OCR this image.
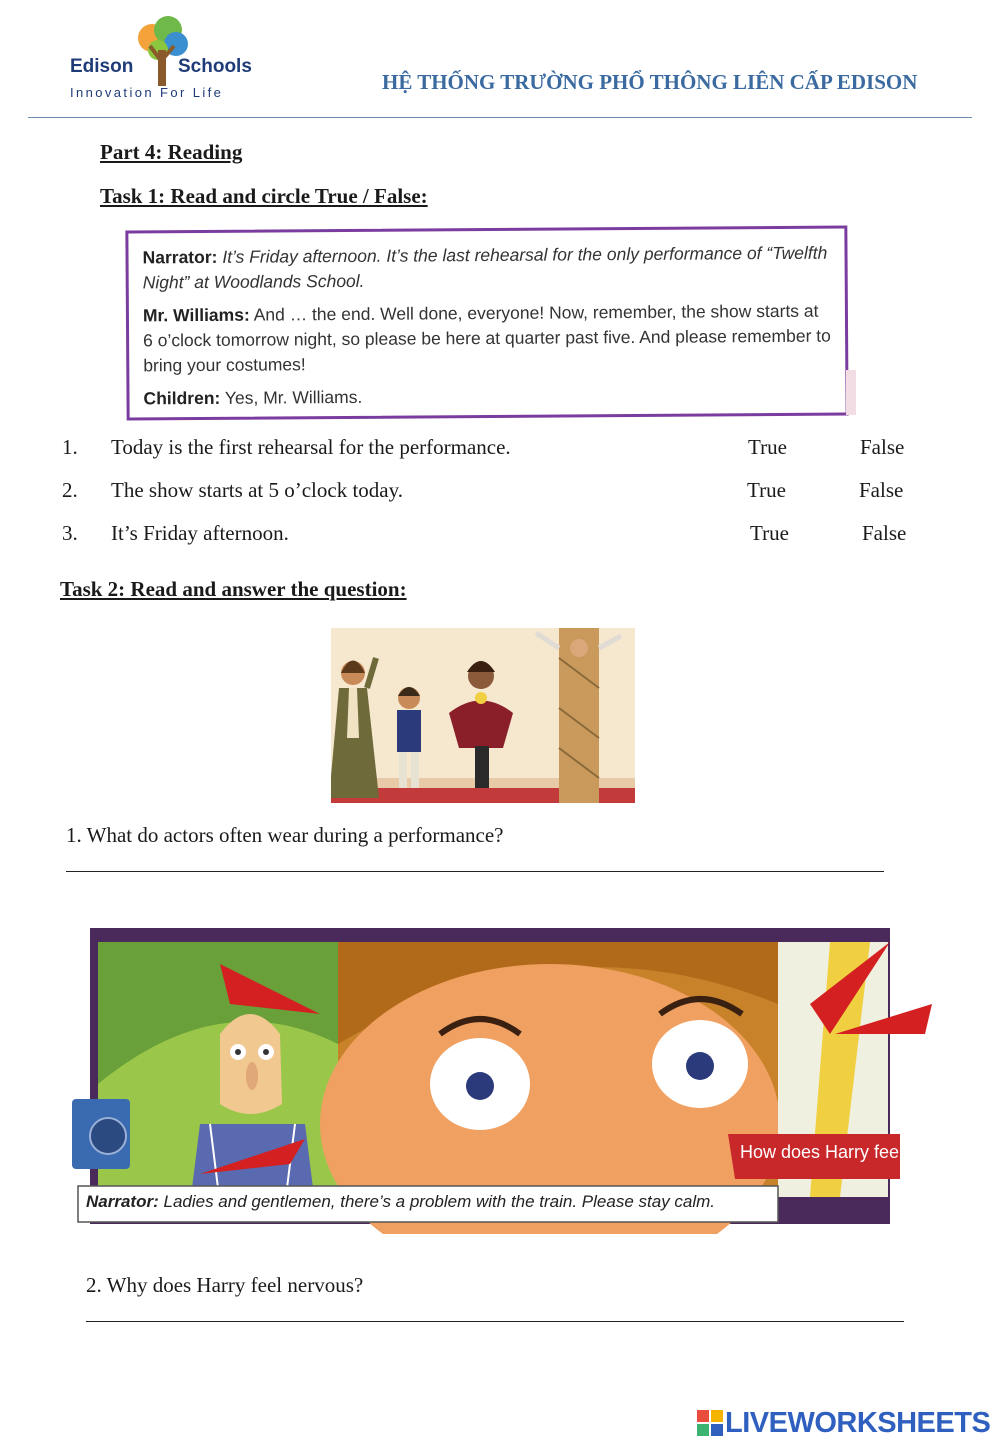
Edison Schools
Innovation For Life	HỆ THỐNG TRƯỜNG PHỔ THÔNG LIÊN CẤP EDISON
Part 4: Reading
Task 1: Read and circle True / False:

Narrator: It’s Friday afternoon. It’s the last rehearsal for the only performance of “Twelfth Night” at Woodlands School.

Mr. Williams: And … the end. Well done, everyone! Now, remember, the show starts at 6 o’clock tomorrow night, so please be here at quarter past five. And please remember to bring your costumes!

Children: Yes, Mr. Williams.

1. Today is the first rehearsal for the performance.	True	False
2. The show starts at 5 o’clock today.	True	False
3. It’s Friday afternoon.	True	False
Task 2: Read and answer the question:
1. What do actors often wear during a performance?
Narrator: Ladies and gentlemen, there’s a problem with the train. Please stay calm.
How does Harry feel?
2. Why does Harry feel nervous?
LIVEWORKSHEETS
